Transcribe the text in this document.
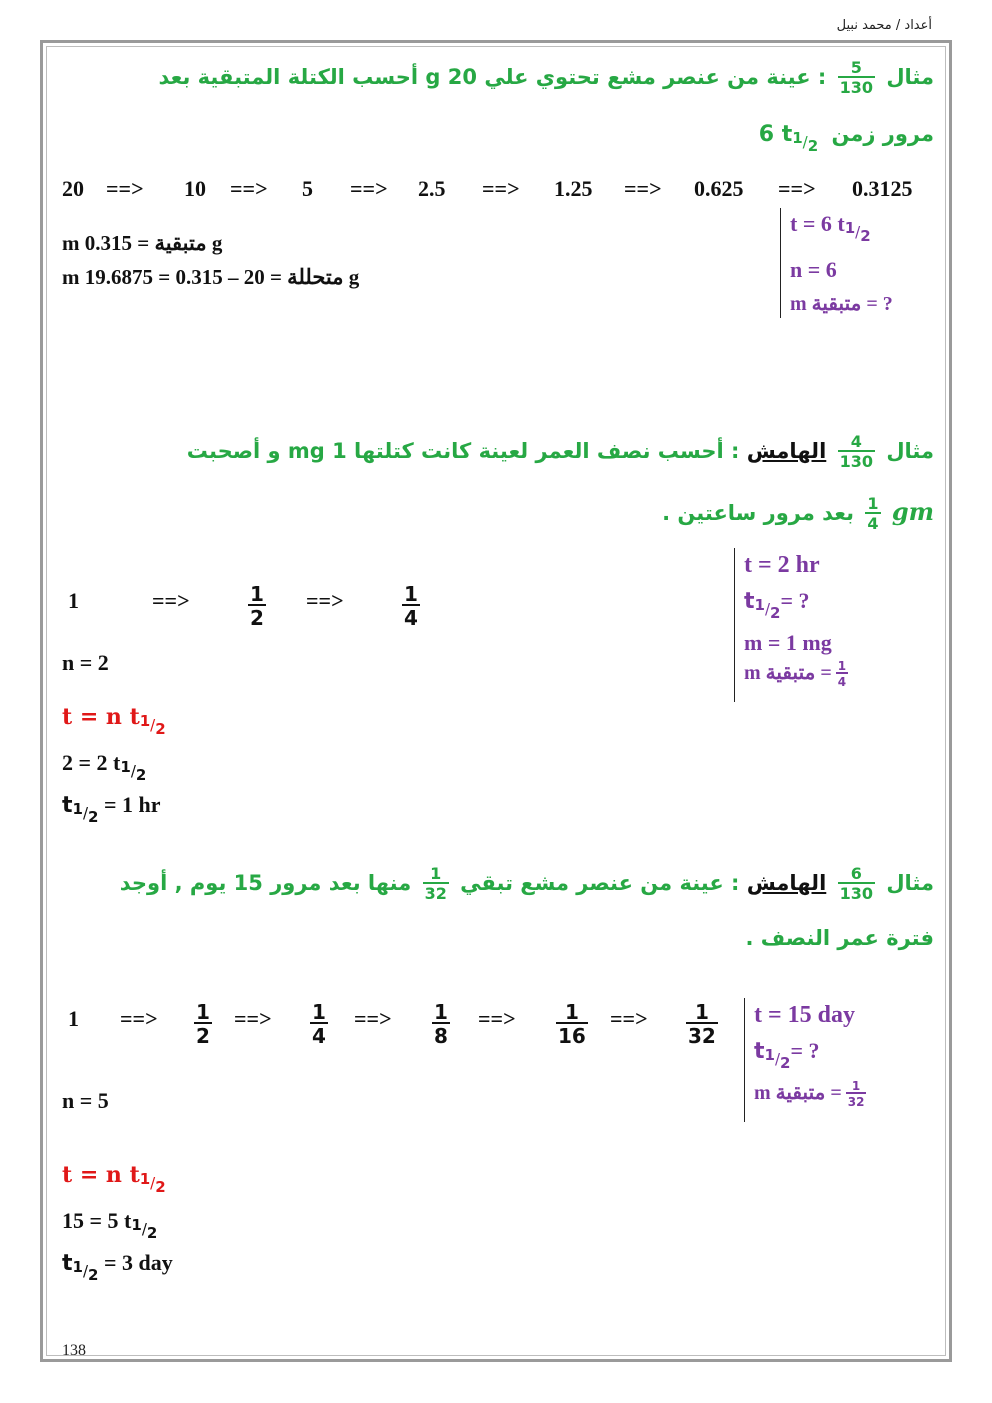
أعداد / محمد نبيل
138
مثال
$\frac{5}{130}$
: عينة من عنصر مشع تحتوي علي 20 g أحسب الكتلة المتبقية بعد
مرور زمن 6 $t1_{/2}$
20 ==> 10 ==> 5 ==> 2.5 ==> 1.25 ==> 0.625 ==> 0.3125
m متبقية = 0.315 g
m متحللة = 20 – 0.315 = 19.6875 g
t = 6 t1/2
n = 6
m متبقية = ?
مثال
$\frac{4}{130}$
الهامش : أحسب نصف العمر لعينة كانت كتلتها 1 mg و أصحبت
gm
$\frac{1}{4}$
بعد مرور ساعتين .
1	==>	$\frac{1}{2}$ ==>	$\frac{1}{4}$
n = 2
t = n t1/2
2 = 2 t1/2
$t1_{/2} = 1$ hr
t = 2 hr
$t1_{/2}=$ ?
m = 1 mg
m متبقية = $\frac{1}{4}$
مثال
$\frac{6}{130}$
الهامش : عينة من عنصر مشع تبقي
$\frac{1}{32}$
منها بعد مرور 15 يوم , أوجد
فترة عمر النصف .
1 ==> $\frac{1}{2}$ ==> $\frac{1}{4}$ ==> $\frac{1}{8}$ ==> $\frac{1}{16}$ ==> $\frac{1}{32}$
n = 5
t = n t1/2
15 = 5 t1/2
$t1_{/2} = 3$ day
t = 15 day
$t1_{/2}=$ ?
m متبقية = $\frac{1}{32}$
